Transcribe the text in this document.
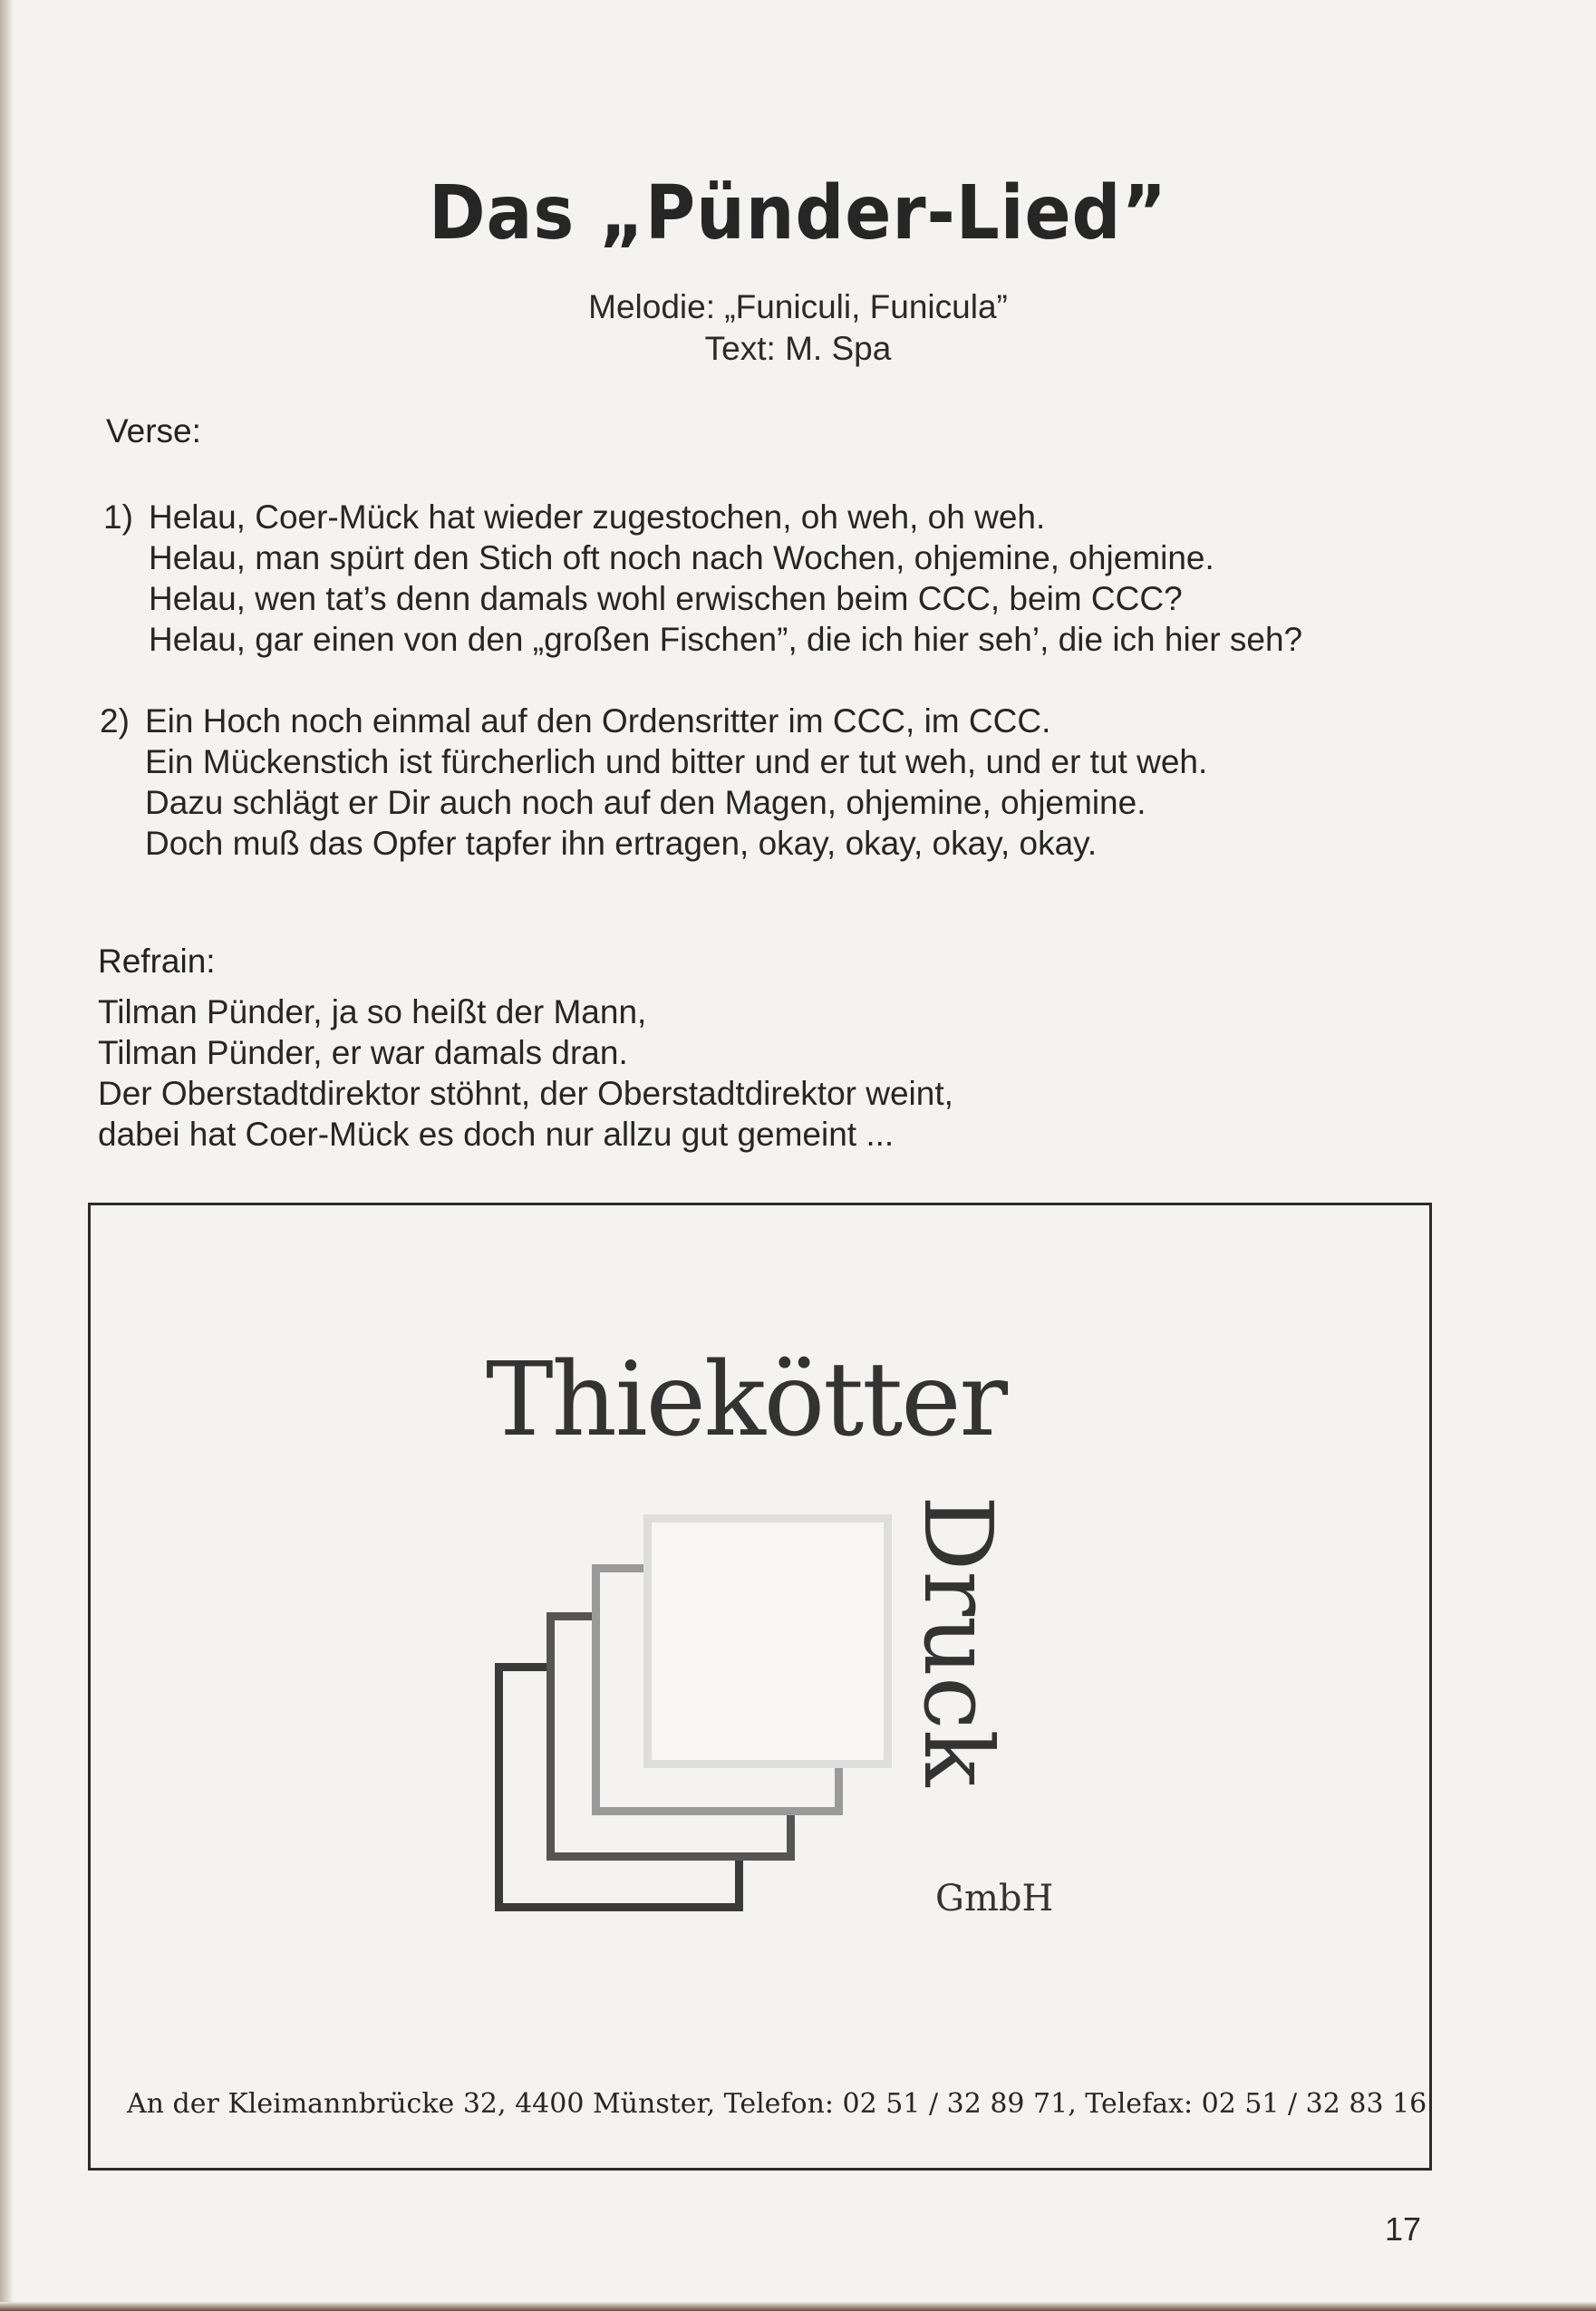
Das „Pünder-Lied”
Melodie: „Funiculi, Funicula”
Text: M. Spa
Verse:
1) Helau, Coer-Mück hat wieder zugestochen, oh weh, oh weh.
Helau, man spürt den Stich oft noch nach Wochen, ohjemine, ohjemine.
Helau, wen tat’s denn damals wohl erwischen beim CCC, beim CCC?
Helau, gar einen von den „großen Fischen”, die ich hier seh’, die ich hier seh?
2) Ein Hoch noch einmal auf den Ordensritter im CCC, im CCC.
Ein Mückenstich ist fürcherlich und bitter und er tut weh, und er tut weh.
Dazu schlägt er Dir auch noch auf den Magen, ohjemine, ohjemine.
Doch muß das Opfer tapfer ihn ertragen, okay, okay, okay, okay.
Refrain:
Tilman Pünder, ja so heißt der Mann,
Tilman Pünder, er war damals dran.
Der Oberstadtdirektor stöhnt, der Oberstadtdirektor weint,
dabei hat Coer-Mück es doch nur allzu gut gemeint ...
Thiekötter
Druck
GmbH
An der Kleimannbrücke 32, 4400 Münster, Telefon: 02 51 / 32 89 71, Telefax: 02 51 / 32 83 16
17
